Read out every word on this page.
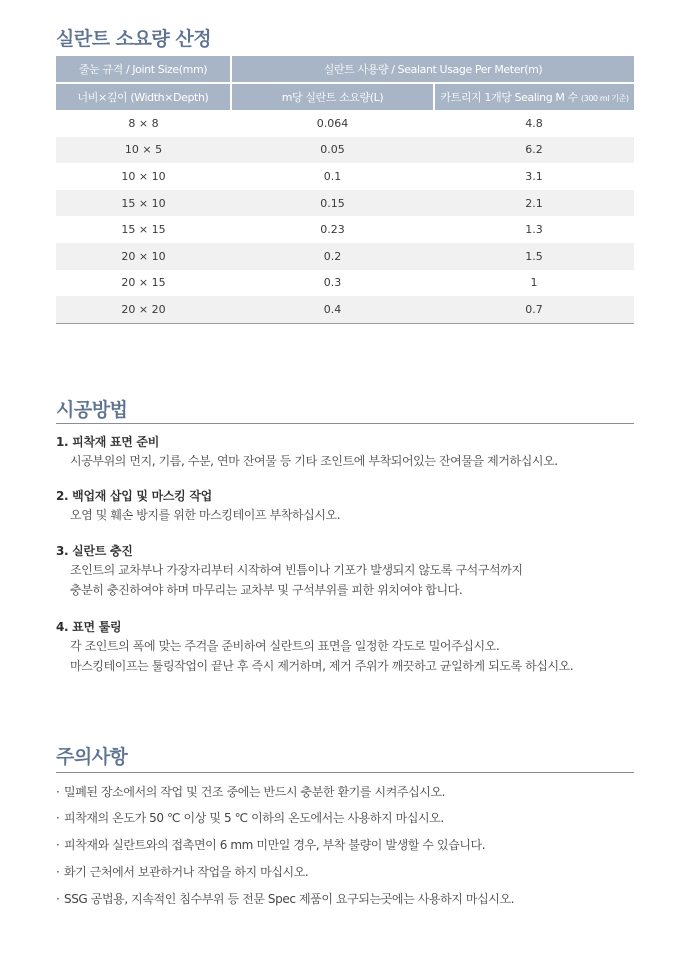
실란트 소요량 산정
줄눈 규격 / Joint Size(mm)	실란트 사용량 / Sealant Usage Per Meter(m)	
너비×깊이 (Width×Depth)	m당 실란트 소요량(L)	카트리지 1개당 Sealing M 수 (300 ml 기준)
8 × 8	0.064	4.8
10 × 5	0.05	6.2
10 × 10	0.1	3.1
15 × 10	0.15	2.1
15 × 15	0.23	1.3
20 × 10	0.2	1.5
20 × 15	0.3	1
20 × 20	0.4	0.7
시공방법

1. 피착재 표면 준비

시공부위의 먼지, 기름, 수분, 연마 잔여물 등 기타 조인트에 부착되어있는 잔여물을 제거하십시오.

2. 백업재 삽입 및 마스킹 작업

오염 및 훼손 방지를 위한 마스킹테이프 부착하십시오.

3. 실란트 충진

조인트의 교차부나 가장자리부터 시작하여 빈틈이나 기포가 발생되지 않도록 구석구석까지

충분히 충진하여야 하며 마무리는 교차부 및 구석부위를 피한 위치여야 합니다.

4. 표면 툴링

각 조인트의 폭에 맞는 주걱을 준비하여 실란트의 표면을 일정한 각도로 밀어주십시오.

마스킹테이프는 툴링작업이 끝난 후 즉시 제거하며, 제거 주위가 깨끗하고 균일하게 되도록 하십시오.

주의사항

· 밀폐된 장소에서의 작업 및 건조 중에는 반드시 충분한 환기를 시켜주십시오.

· 피착재의 온도가 50 ℃ 이상 및 5 ℃ 이하의 온도에서는 사용하지 마십시오.

· 피착재와 실란트와의 접촉면이 6 mm 미만일 경우, 부착 불량이 발생할 수 있습니다.

· 화기 근처에서 보관하거나 작업을 하지 마십시오.

· SSG 공법용, 지속적인 침수부위 등 전문 Spec 제품이 요구되는곳에는 사용하지 마십시오.
